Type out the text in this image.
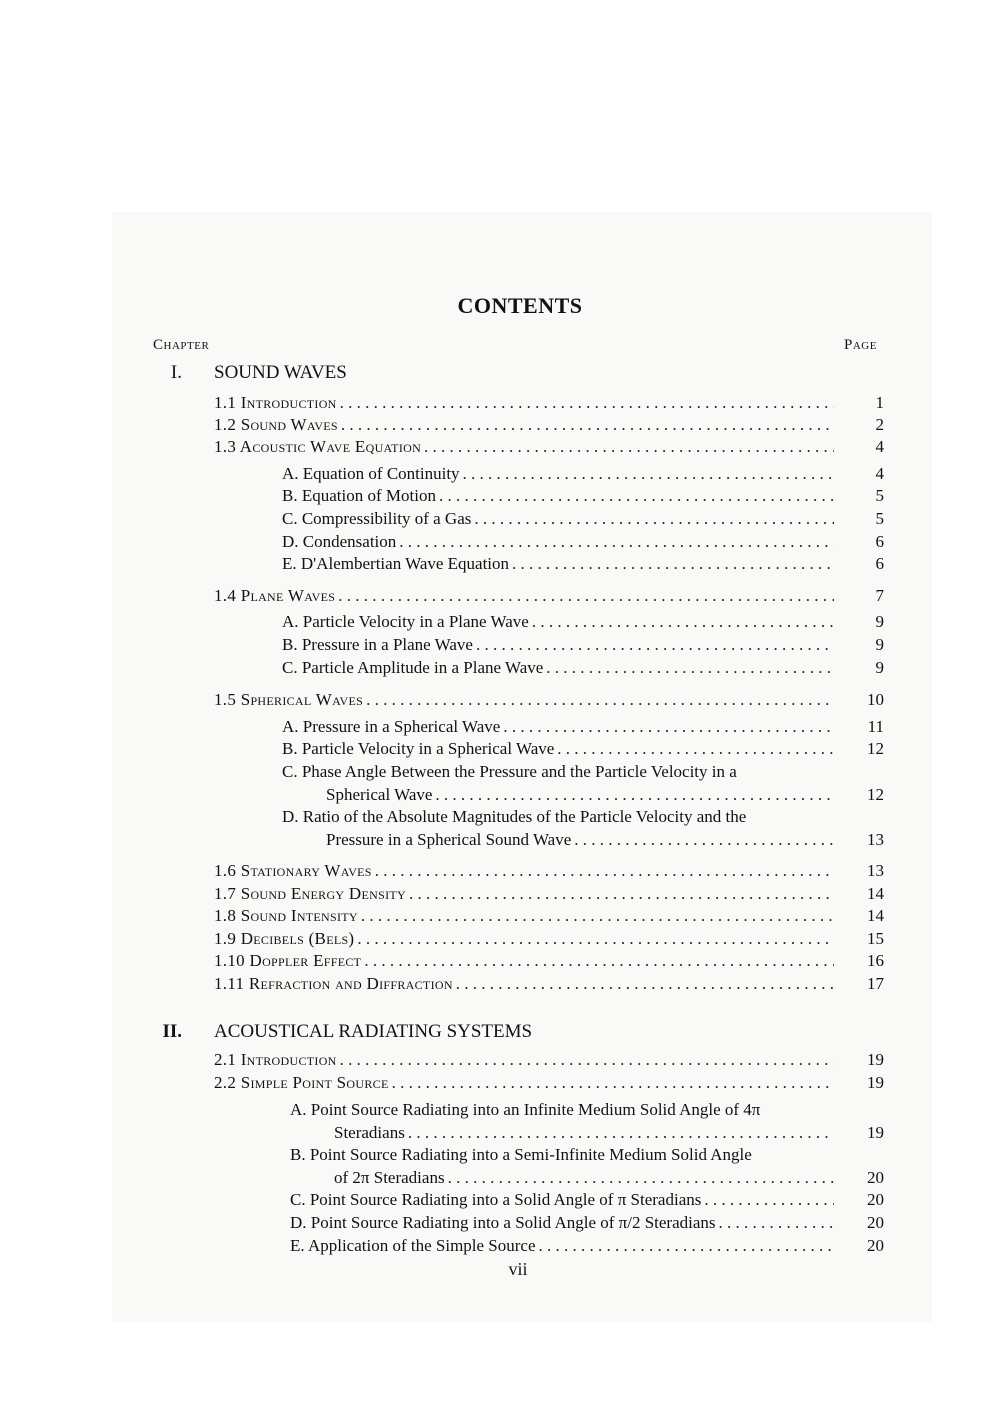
CONTENTS
Chapter	Page
I. SOUND WAVES
1.1 Introduction . . .	1
1.2 Sound Waves . . .	2
1.3 Acoustic Wave Equation . . .	4
A. Equation of Continuity . . .	4
B. Equation of Motion . . .	5
C. Compressibility of a Gas . . .	5
D. Condensation . . .	6
E. D'Alembertian Wave Equation . . .	6
1.4 Plane Waves . . .	7
A. Particle Velocity in a Plane Wave . . .	9
B. Pressure in a Plane Wave . . .	9
C. Particle Amplitude in a Plane Wave . . .	9
1.5 Spherical Waves . . .	10
A. Pressure in a Spherical Wave . . .	11
B. Particle Velocity in a Spherical Wave . . .	12
C. Phase Angle Between the Pressure and the Particle Velocity in a
Spherical Wave . . .	12
D. Ratio of the Absolute Magnitudes of the Particle Velocity and the
Pressure in a Spherical Sound Wave . . .	13
1.6 Stationary Waves . . .	13
1.7 Sound Energy Density . . .	14
1.8 Sound Intensity . . .	14
1.9 Decibels (Bels) . . .	15
1.10 Doppler Effect . . .	16
1.11 Refraction and Diffraction . . .	17
II. ACOUSTICAL RADIATING SYSTEMS
2.1 Introduction . . .	19
2.2 Simple Point Source . . .	19
A. Point Source Radiating into an Infinite Medium Solid Angle of 4π
Steradians . . .	19
B. Point Source Radiating into a Semi-Infinite Medium Solid Angle
of 2π Steradians . . .	20
C. Point Source Radiating into a Solid Angle of π Steradians . . .	20
D. Point Source Radiating into a Solid Angle of π/2 Steradians . . .	20
E. Application of the Simple Source . . .	20
vii
